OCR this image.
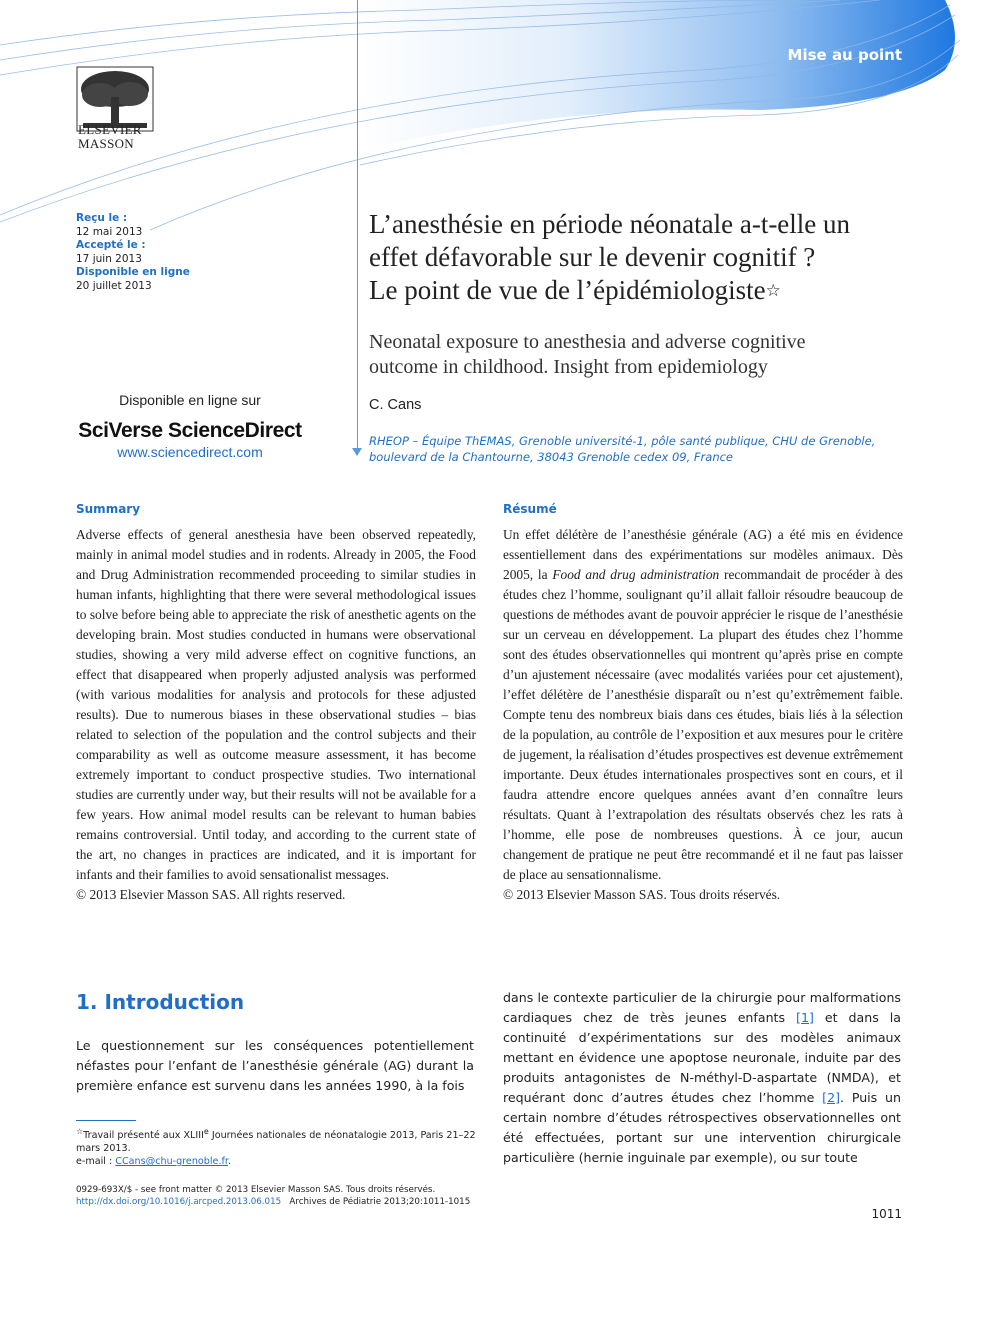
Mise au point
ELSEVIER
MASSON
Reçu le :
12 mai 2013
Accepté le :
17 juin 2013
Disponible en ligne
20 juillet 2013
Disponible en ligne sur
SciVerse ScienceDirect
www.sciencedirect.com
L’anesthésie en période néonatale a-t-elle un
effet défavorable sur le devenir cognitif ?
Le point de vue de l’épidémiologiste☆
Neonatal exposure to anesthesia and adverse cognitive
outcome in childhood. Insight from epidemiology
C. Cans
RHEOP – Équipe ThEMAS, Grenoble université-1, pôle santé publique, CHU de Grenoble,
boulevard de la Chantourne, 38043 Grenoble cedex 09, France
Summary

Adverse effects of general anesthesia have been observed repeatedly, mainly in animal model studies and in rodents. Already in 2005, the Food and Drug Administration recommended proceeding to similar studies in human infants, highlighting that there were several methodological issues to solve before being able to appreciate the risk of anesthetic agents on the developing brain. Most studies conducted in humans were observational studies, showing a very mild adverse effect on cognitive functions, an effect that disappeared when properly adjusted analysis was performed (with various modalities for analysis and protocols for these adjusted results). Due to numerous biases in these observational studies – bias related to selection of the population and the control subjects and their comparability as well as outcome measure assessment, it has become extremely important to conduct prospective studies. Two international studies are currently under way, but their results will not be available for a few years. How animal model results can be relevant to human babies remains controversial. Until today, and according to the current state of the art, no changes in practices are indicated, and it is important for infants and their families to avoid sensationalist messages.

© 2013 Elsevier Masson SAS. All rights reserved.

Résumé

Un effet délétère de l’anesthésie générale (AG) a été mis en évidence essentiellement dans des expérimentations sur modèles animaux. Dès 2005, la Food and drug administration recommandait de procéder à des études chez l’homme, soulignant qu’il allait falloir résoudre beaucoup de questions de méthodes avant de pouvoir apprécier le risque de l’anesthésie sur un cerveau en développement. La plupart des études chez l’homme sont des études observationnelles qui montrent qu’après prise en compte d’un ajustement nécessaire (avec modalités variées pour cet ajustement), l’effet délétère de l’anesthésie disparaît ou n’est qu’extrêmement faible. Compte tenu des nombreux biais dans ces études, biais liés à la sélection de la population, au contrôle de l’exposition et aux mesures pour le critère de jugement, la réalisation d’études prospectives est devenue extrêmement importante. Deux études internationales prospectives sont en cours, et il faudra attendre encore quelques années avant d’en connaître leurs résultats. Quant à l’extrapolation des résultats observés chez les rats à l’homme, elle pose de nombreuses questions. À ce jour, aucun changement de pratique ne peut être recommandé et il ne faut pas laisser de place au sensationnalisme.

© 2013 Elsevier Masson SAS. Tous droits réservés.

1. Introduction

Le questionnement sur les conséquences potentiellement néfastes pour l’enfant de l’anesthésie générale (AG) durant la première enfance est survenu dans les années 1990, à la fois

dans le contexte particulier de la chirurgie pour malformations cardiaques chez de très jeunes enfants [1] et dans la continuité d’expérimentations sur des modèles animaux mettant en évidence une apoptose neuronale, induite par des produits antagonistes de N-méthyl-D-aspartate (NMDA), et requérant donc d’autres études chez l’homme [2]. Puis un certain nombre d’études rétrospectives observationnelles ont été effectuées, portant sur une intervention chirurgicale particulière (hernie inguinale par exemple), ou sur toute

☆Travail présenté aux XLIIIe Journées nationales de néonatalogie 2013, Paris 21–22 mars 2013.

e-mail : CCans@chu-grenoble.fr.

0929-693X/$ - see front matter © 2013 Elsevier Masson SAS. Tous droits réservés.

http://dx.doi.org/10.1016/j.arcped.2013.06.015 Archives de Pédiatrie 2013;20:1011-1015

1011
